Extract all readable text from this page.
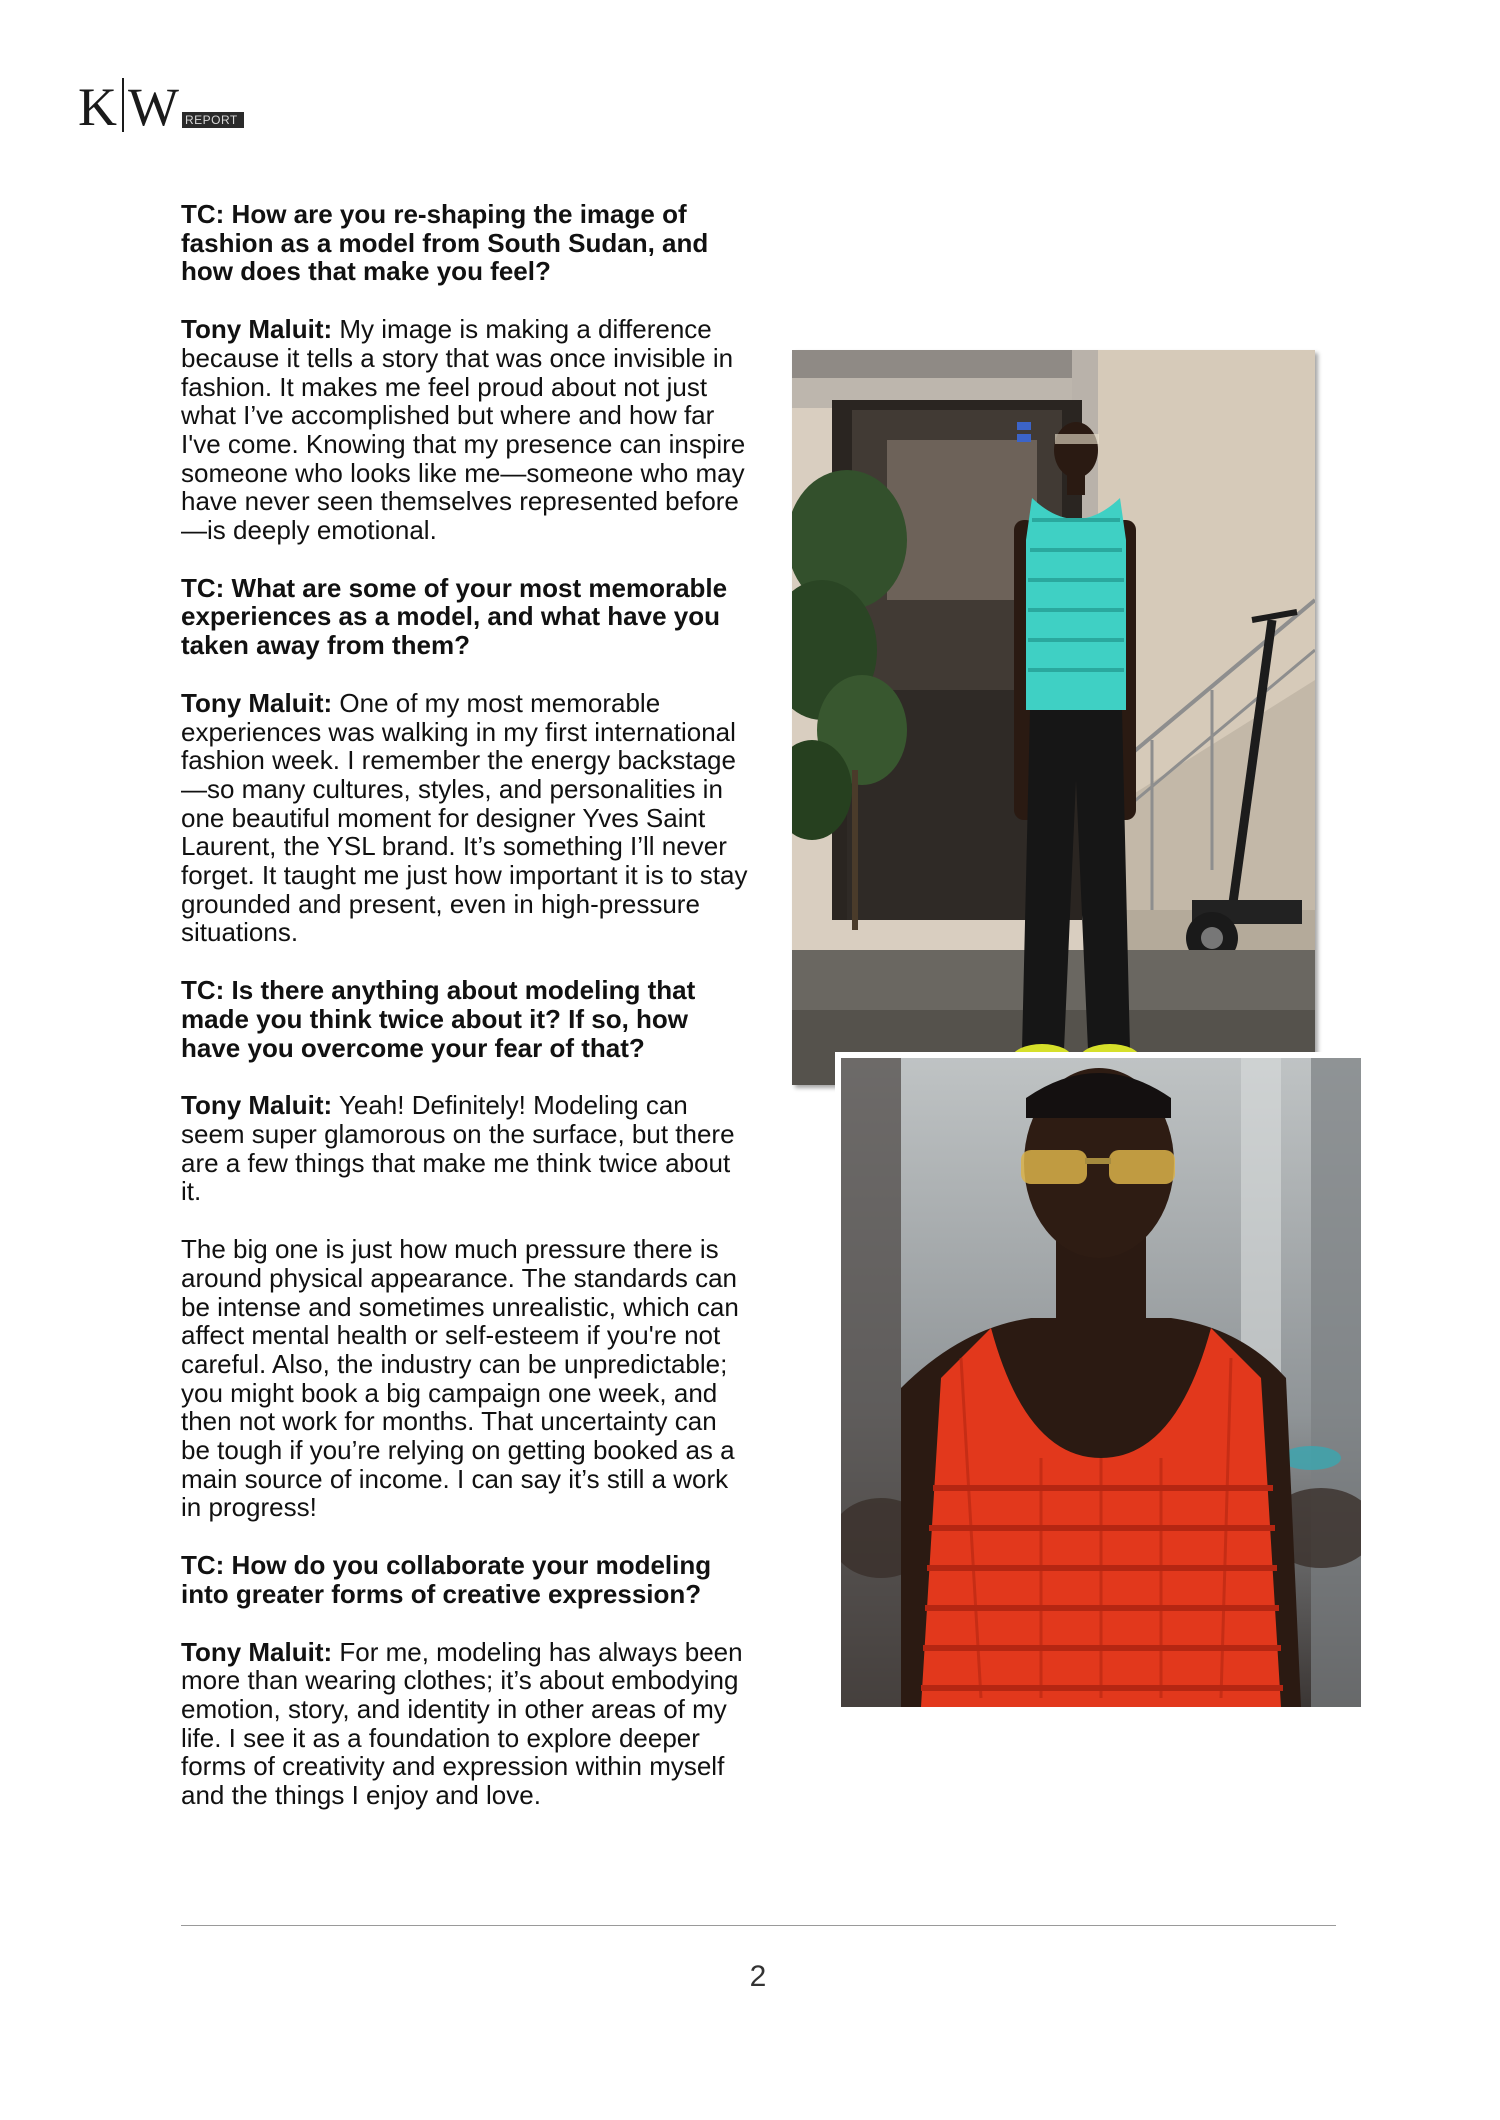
K W REPORT

TC: How are you re-shaping the image of fashion as a model from South Sudan, and how does that make you feel?

Tony Maluit: My image is making a difference because it tells a story that was once invisible in fashion. It makes me feel proud about not just what I’ve accomplished but where and how far I've come. Knowing that my presence can inspire someone who looks like me—someone who may have never seen themselves represented before—is deeply emotional.

TC: What are some of your most memorable experiences as a model, and what have you taken away from them?

Tony Maluit: One of my most memorable experiences was walking in my first international fashion week. I remember the energy backstage—so many cultures, styles, and personalities in one beautiful moment for designer Yves Saint Laurent, the YSL brand. It’s something I’ll never forget. It taught me just how important it is to stay grounded and present, even in high-pressure situations.

TC: Is there anything about modeling that made you think twice about it? If so, how have you overcome your fear of that?

Tony Maluit: Yeah! Definitely! Modeling can seem super glamorous on the surface, but there are a few things that make me think twice about it.

The big one is just how much pressure there is around physical appearance. The standards can be intense and sometimes unrealistic, which can affect mental health or self-esteem if you're not careful. Also, the industry can be unpredictable; you might book a big campaign one week, and then not work for months. That uncertainty can be tough if you’re relying on getting booked as a main source of income. I can say it’s still a work in progress!

TC: How do you collaborate your modeling into greater forms of creative expression?

Tony Maluit: For me, modeling has always been more than wearing clothes; it’s about embodying emotion, story, and identity in other areas of my life. I see it as a foundation to explore deeper forms of creativity and expression within myself and the things I enjoy and love.

2
